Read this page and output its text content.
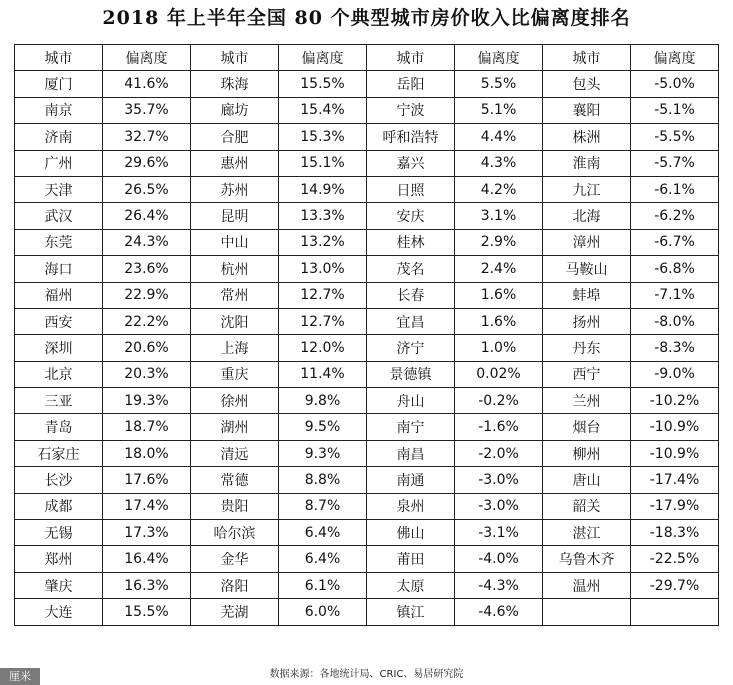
2018 年上半年全国 80 个典型城市房价收入比偏离度排名
城市	偏离度	城市	偏离度	城市	偏离度	城市	偏离度
厦门	41.6%	珠海	15.5%	岳阳	5.5%	包头	-5.0%
南京	35.7%	廊坊	15.4%	宁波	5.1%	襄阳	-5.1%
济南	32.7%	合肥	15.3%	呼和浩特	4.4%	株洲	-5.5%
广州	29.6%	惠州	15.1%	嘉兴	4.3%	淮南	-5.7%
天津	26.5%	苏州	14.9%	日照	4.2%	九江	-6.1%
武汉	26.4%	昆明	13.3%	安庆	3.1%	北海	-6.2%
东莞	24.3%	中山	13.2%	桂林	2.9%	漳州	-6.7%
海口	23.6%	杭州	13.0%	茂名	2.4%	马鞍山	-6.8%
福州	22.9%	常州	12.7%	长春	1.6%	蚌埠	-7.1%
西安	22.2%	沈阳	12.7%	宜昌	1.6%	扬州	-8.0%
深圳	20.6%	上海	12.0%	济宁	1.0%	丹东	-8.3%
北京	20.3%	重庆	11.4%	景德镇	0.02%	西宁	-9.0%
三亚	19.3%	徐州	9.8%	舟山	-0.2%	兰州	-10.2%
青岛	18.7%	湖州	9.5%	南宁	-1.6%	烟台	-10.9%
石家庄	18.0%	清远	9.3%	南昌	-2.0%	柳州	-10.9%
长沙	17.6%	常德	8.8%	南通	-3.0%	唐山	-17.4%
成都	17.4%	贵阳	8.7%	泉州	-3.0%	韶关	-17.9%
无锡	17.3%	哈尔滨	6.4%	佛山	-3.1%	湛江	-18.3%
郑州	16.4%	金华	6.4%	莆田	-4.0%	乌鲁木齐	-22.5%
肇庆	16.3%	洛阳	6.1%	太原	-4.3%	温州	-29.7%
大连	15.5%	芜湖	6.0%	镇江	-4.6%		
数据来源：各地统计局、CRIC、易居研究院
厘米
